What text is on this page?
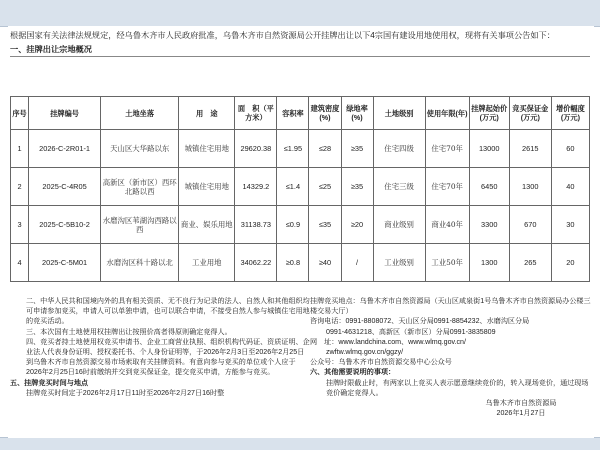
根据国家有关法律法规规定，经乌鲁木齐市人民政府批准，乌鲁木齐市自然资源局公开挂牌出让以下4宗国有建设用地使用权，现将有关事项公告如下：
一、挂牌出让宗地概况
序号	挂牌编号	土地坐落	用　途	面　积（平方米）	容积率	建筑密度(%)	绿地率(%)	土地级别	使用年限(年)	挂牌起始价(万元)	竞买保证金(万元)	增价幅度(万元)
1	2026-C-2R01-1	天山区大华路以东	城镇住宅用地	29620.38	≤1.95	≤28	≥35	住宅四级	住宅70年	13000	2615	60
2	2025-C-4R05	高新区（新市区）西环北路以西	城镇住宅用地	14329.2	≤1.4	≤25	≥35	住宅三级	住宅70年	6450	1300	40
3	2025-C-5B10-2	水磨沟区苇湖沟西路以西	商业、娱乐用地	31138.73	≤0.9	≤35	≥20	商业级别	商业40年	3300	670	30
4	2025-C-5M01	水磨沟区科十路以北	工业用地	34062.22	≥0.8	≥40	/	工业级别	工业50年	1300	265	20
二、中华人民共和国境内外的具有相关资质、无不良行为记录的法人、自然人和其他组织均可申请参加竞买，申请人可以单独申请，也可以联合申请，不接受自然人参与城镇住宅用地的竞买活动。
三、本次国有土地使用权挂牌出让按照价高者得原则确定竞得人。
四、竞买者持土地使用权竞买申请书、企业工商营业执照、组织机构代码证、资质证明、企业法人代表身份证明、授权委托书、个人身份证明等，于2026年2月3日至2026年2月25日到乌鲁木齐市自然资源交易市场索取有关挂牌资料。有意向参与竞买的单位或个人应于2026年2月25日16时前缴纳并交到竞买保证金，提交竞买申请，方能参与竞买。
五、挂牌竞买时间与地点
挂牌竞买时间定于2026年2月17日11时至2026年2月27日16时整
挂牌竞买地点：乌鲁木齐市自然资源局（天山区咸泉街1号乌鲁木齐市自然资源局办公楼三楼交易大厅）
咨询电话：0991-8808072、天山区分局0991-8854232、水磨沟区分局
0991-4631218、高新区（新市区）分局0991-3835809
网　址：www.landchina.com、www.wlmq.gov.cn/
zwftw.wlmq.gov.cn/ggzy/
公众号：乌鲁木齐市自然资源交易中心公众号
六、其他需要说明的事项：
挂牌时限截止时，有两家以上竞买人表示愿意继续竞价的，转入现场竞价，通过现场竞价确定竞得人。
乌鲁木齐市自然资源局
2026年1月27日
